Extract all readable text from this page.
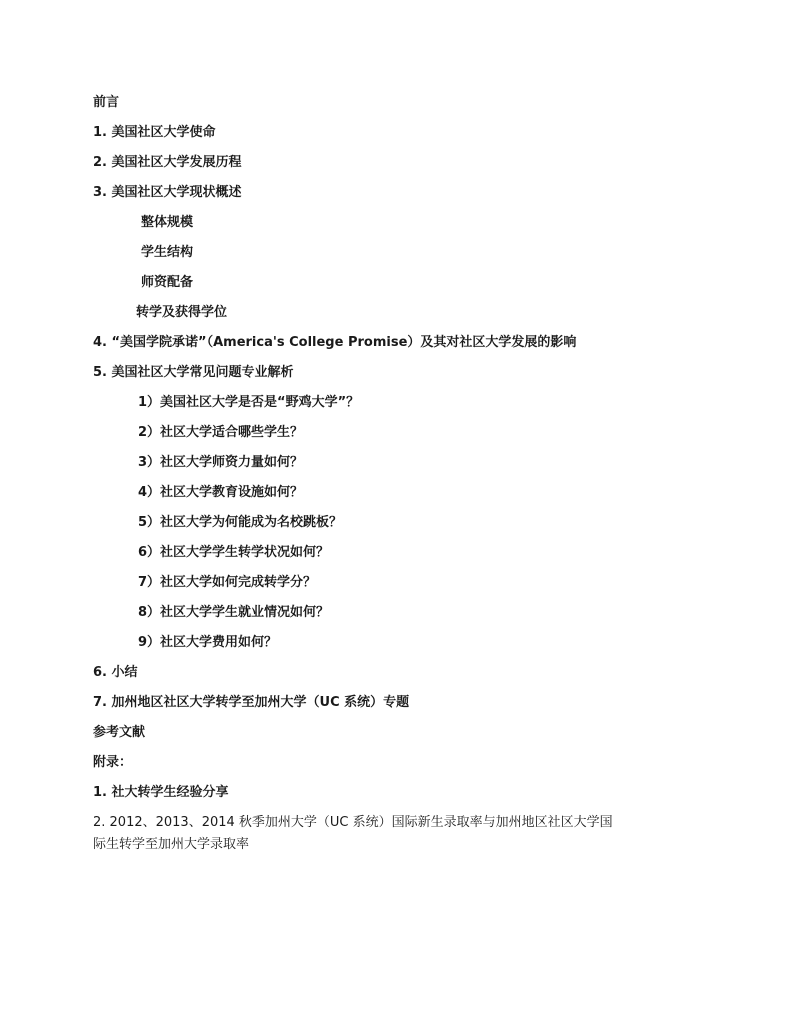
前言
1. 美国社区大学使命
2. 美国社区大学发展历程
3. 美国社区大学现状概述
整体规模
学生结构
师资配备
转学及获得学位
4. “美国学院承诺”（America's College Promise）及其对社区大学发展的影响
5. 美国社区大学常见问题专业解析
1）美国社区大学是否是“野鸡大学”？
2）社区大学适合哪些学生？
3）社区大学师资力量如何？
4）社区大学教育设施如何？
5）社区大学为何能成为名校跳板？
6）社区大学学生转学状况如何？
7）社区大学如何完成转学分？
8）社区大学学生就业情况如何？
9）社区大学费用如何？
6. 小结
7. 加州地区社区大学转学至加州大学（UC 系统）专题
参考文献
附录：
1. 社大转学生经验分享
2. 2012、2013、2014 秋季加州大学（UC 系统）国际新生录取率与加州地区社区大学国
际生转学至加州大学录取率
